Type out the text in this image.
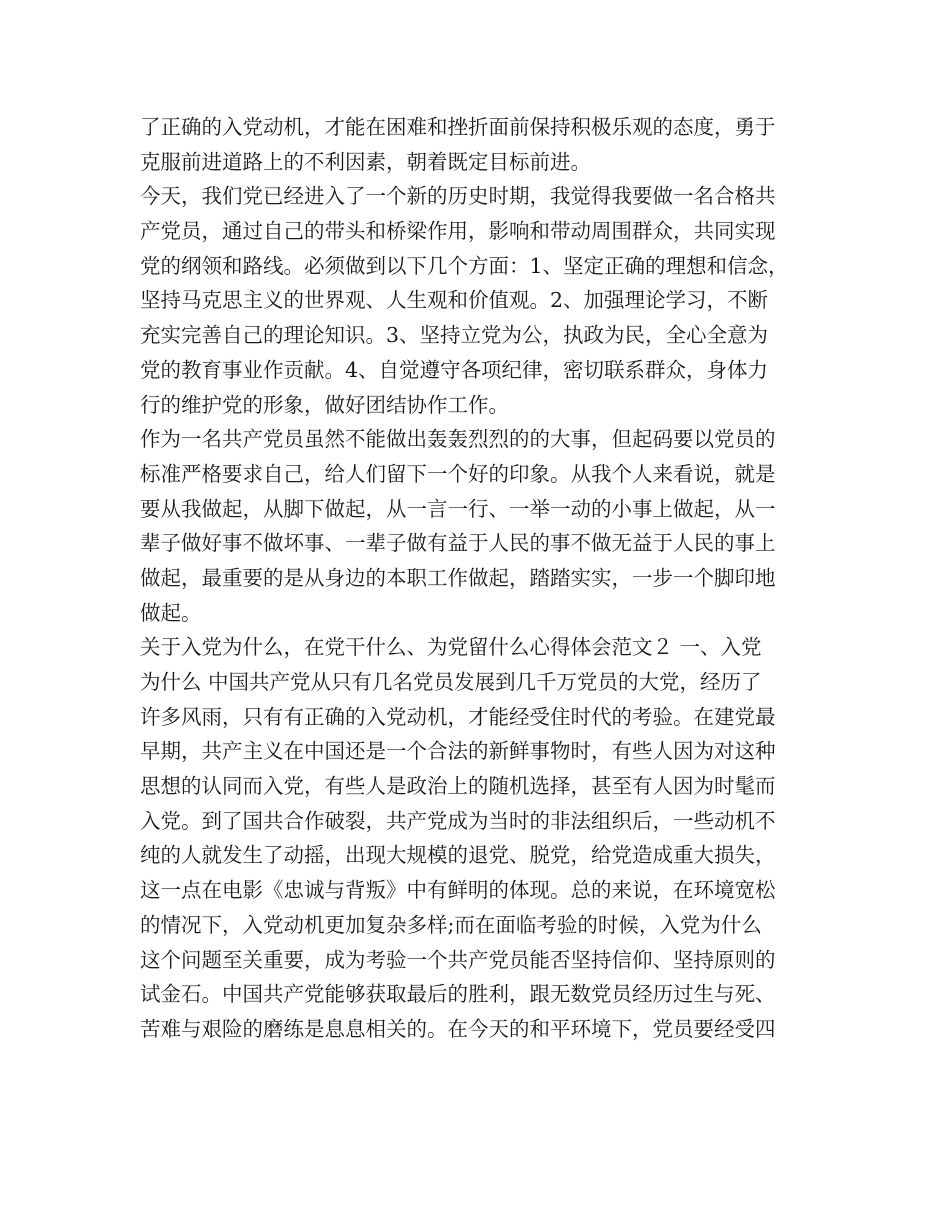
了正确的入党动机，才能在困难和挫折面前保持积极乐观的态度，勇于
克服前进道路上的不利因素，朝着既定目标前进。
今天，我们党已经进入了一个新的历史时期，我觉得我要做一名合格共
产党员，通过自己的带头和桥梁作用，影响和带动周围群众，共同实现
党的纲领和路线。必须做到以下几个方面：1、坚定正确的理想和信念，
坚持马克思主义的世界观、人生观和价值观。2、加强理论学习，不断
充实完善自己的理论知识。3、坚持立党为公，执政为民，全心全意为
党的教育事业作贡献。4、自觉遵守各项纪律，密切联系群众，身体力
行的维护党的形象，做好团结协作工作。
作为一名共产党员虽然不能做出轰轰烈烈的的大事，但起码要以党员的
标准严格要求自己，给人们留下一个好的印象。从我个人来看说，就是
要从我做起，从脚下做起，从一言一行、一举一动的小事上做起，从一
辈子做好事不做坏事、一辈子做有益于人民的事不做无益于人民的事上
做起，最重要的是从身边的本职工作做起，踏踏实实，一步一个脚印地
做起。
关于入党为什么，在党干什么、为党留什么心得体会范文２ 一、入党
为什么 中国共产党从只有几名党员发展到几千万党员的大党，经历了
许多风雨，只有有正确的入党动机，才能经受住时代的考验。在建党最
早期，共产主义在中国还是一个合法的新鲜事物时，有些人因为对这种
思想的认同而入党，有些人是政治上的随机选择，甚至有人因为时髦而
入党。到了国共合作破裂，共产党成为当时的非法组织后，一些动机不
纯的人就发生了动摇，出现大规模的退党、脱党，给党造成重大损失，
这一点在电影《忠诚与背叛》中有鲜明的体现。总的来说，在环境宽松
的情况下，入党动机更加复杂多样;而在面临考验的时候，入党为什么
这个问题至关重要，成为考验一个共产党员能否坚持信仰、坚持原则的
试金石。中国共产党能够获取最后的胜利，跟无数党员经历过生与死、
苦难与艰险的磨练是息息相关的。在今天的和平环境下，党员要经受四
